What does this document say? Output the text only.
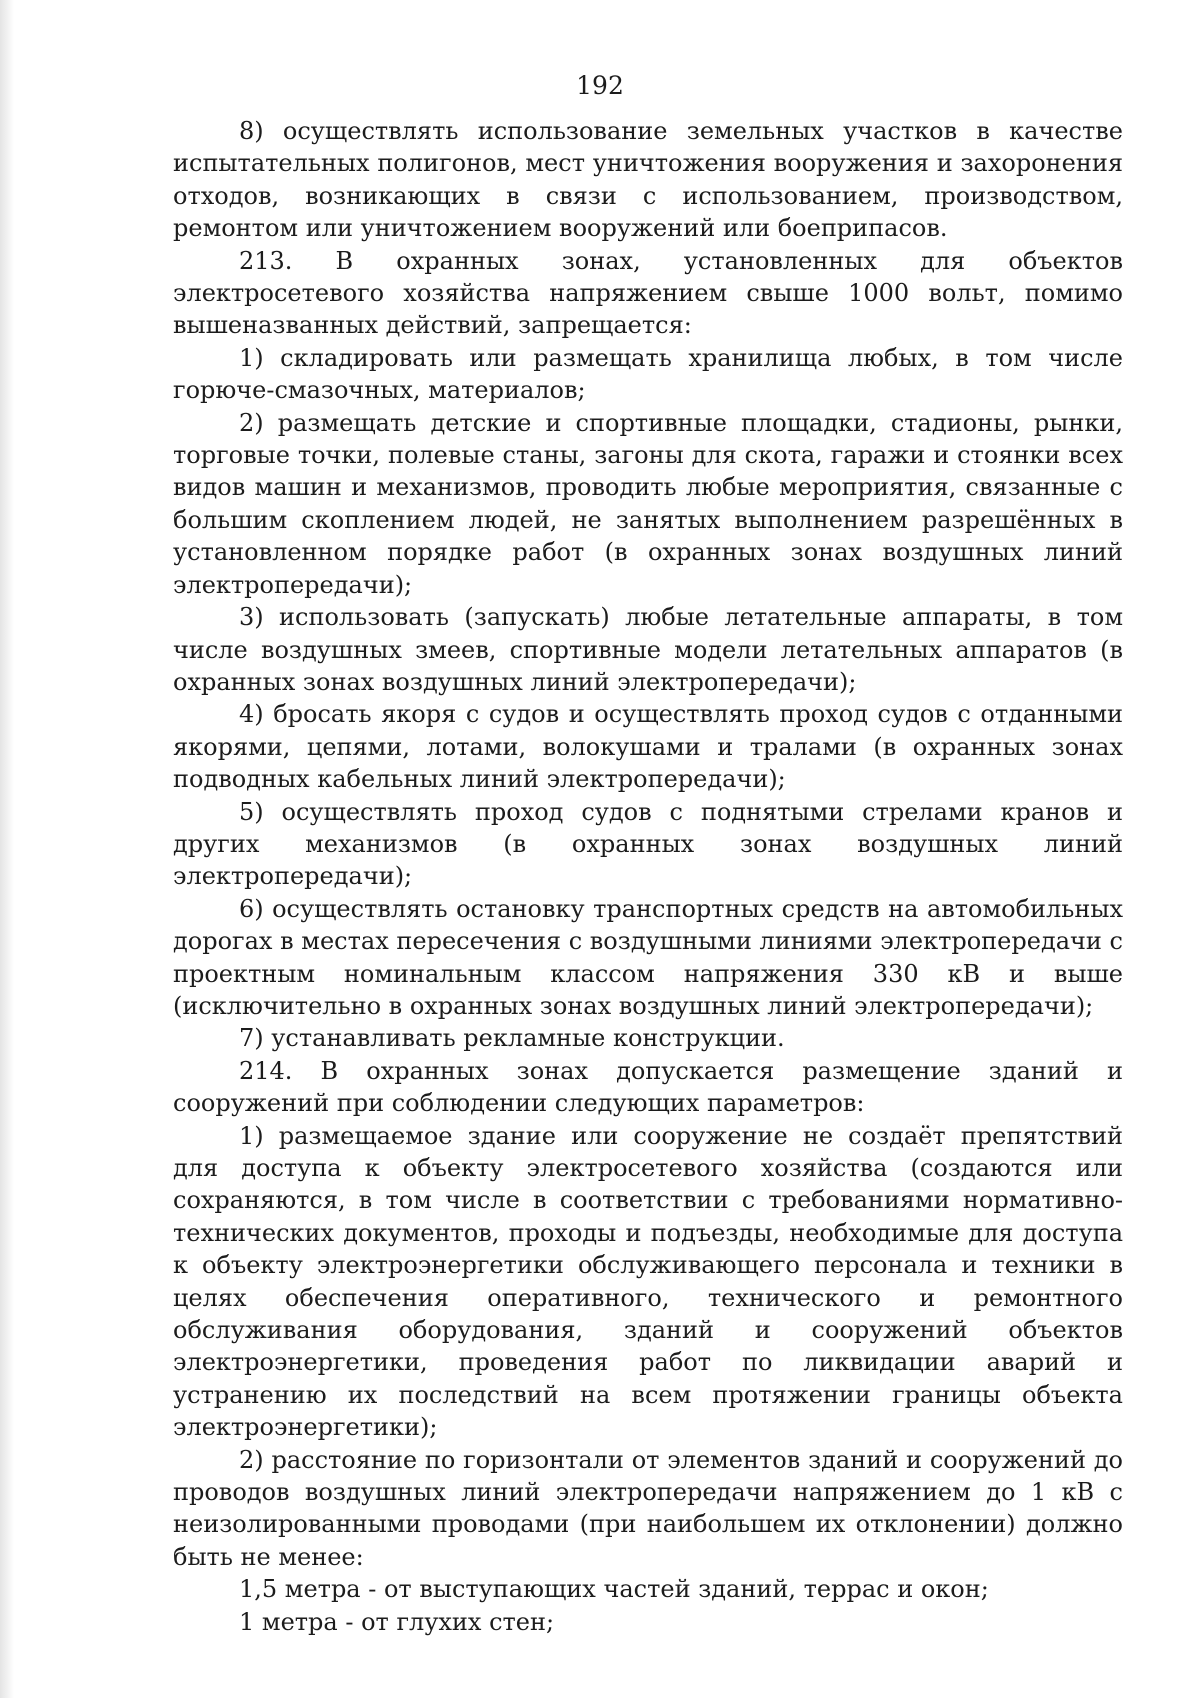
192

8) осуществлять использование земельных участков в качестве испытательных полигонов, мест уничтожения вооружения и захоронения отходов, возникающих в связи с использованием, производством, ремонтом или уничтожением вооружений или боеприпасов.

213. В охранных зонах, установленных для объектов электросетевого хозяйства напряжением свыше 1000 вольт, помимо вышеназванных действий, запрещается:

1) складировать или размещать хранилища любых, в том числе горюче-смазочных, материалов;

2) размещать детские и спортивные площадки, стадионы, рынки, торговые точки, полевые станы, загоны для скота, гаражи и стоянки всех видов машин и механизмов, проводить любые мероприятия, связанные с большим скоплением людей, не занятых выполнением разрешённых в установленном порядке работ (в охранных зонах воздушных линий электропередачи);

3) использовать (запускать) любые летательные аппараты, в том числе воздушных змеев, спортивные модели летательных аппаратов (в охранных зонах воздушных линий электропередачи);

4) бросать якоря с судов и осуществлять проход судов с отданными якорями, цепями, лотами, волокушами и тралами (в охранных зонах подводных кабельных линий электропередачи);

5) осуществлять проход судов с поднятыми стрелами кранов и других механизмов (в охранных зонах воздушных линий электропередачи);

6) осуществлять остановку транспортных средств на автомобильных дорогах в местах пересечения с воздушными линиями электропередачи с проектным номинальным классом напряжения 330 кВ и выше (исключительно в охранных зонах воздушных линий электропередачи);

7) устанавливать рекламные конструкции.

214. В охранных зонах допускается размещение зданий и сооружений при соблюдении следующих параметров:

1) размещаемое здание или сооружение не создаёт препятствий для доступа к объекту электросетевого хозяйства (создаются или сохраняются, в том числе в соответствии с требованиями нормативно-технических документов, проходы и подъезды, необходимые для доступа к объекту электроэнергетики обслуживающего персонала и техники в целях обеспечения оперативного, технического и ремонтного обслуживания оборудования, зданий и сооружений объектов электроэнергетики, проведения работ по ликвидации аварий и устранению их последствий на всем протяжении границы объекта электроэнергетики);

2) расстояние по горизонтали от элементов зданий и сооружений до проводов воздушных линий электропередачи напряжением до 1 кВ с неизолированными проводами (при наибольшем их отклонении) должно быть не менее:

1,5 метра - от выступающих частей зданий, террас и окон;

1 метра - от глухих стен;
